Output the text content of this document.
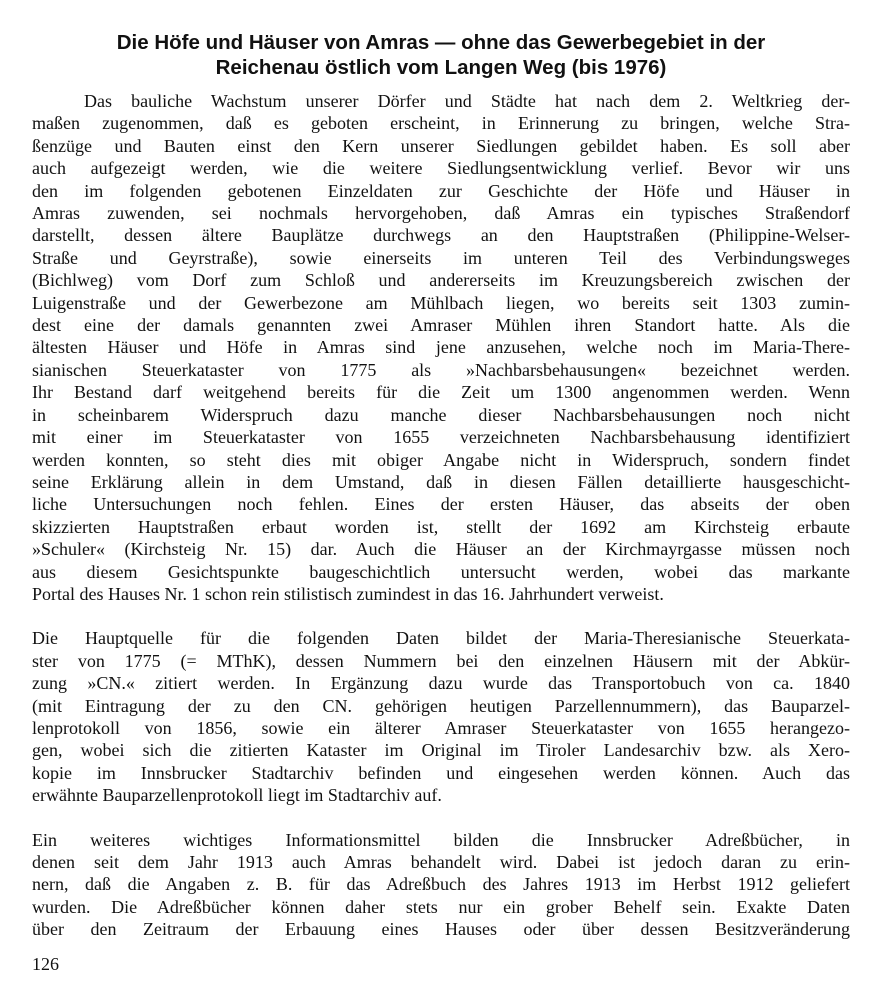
Die Höfe und Häuser von Amras — ohne das Gewerbegebiet in der
Reichenau östlich vom Langen Weg (bis 1976)
Das bauliche Wachstum unserer Dörfer und Städte hat nach dem 2. Weltkrieg der-
maßen zugenommen, daß es geboten erscheint, in Erinnerung zu bringen, welche Stra-
ßenzüge und Bauten einst den Kern unserer Siedlungen gebildet haben. Es soll aber
auch aufgezeigt werden, wie die weitere Siedlungsentwicklung verlief. Bevor wir uns
den im folgenden gebotenen Einzeldaten zur Geschichte der Höfe und Häuser in
Amras zuwenden, sei nochmals hervorgehoben, daß Amras ein typisches Straßendorf
darstellt, dessen ältere Bauplätze durchwegs an den Hauptstraßen (Philippine-Welser-
Straße und Geyrstraße), sowie einerseits im unteren Teil des Verbindungsweges
(Bichlweg) vom Dorf zum Schloß und andererseits im Kreuzungsbereich zwischen der
Luigenstraße und der Gewerbezone am Mühlbach liegen, wo bereits seit 1303 zumin-
dest eine der damals genannten zwei Amraser Mühlen ihren Standort hatte. Als die
ältesten Häuser und Höfe in Amras sind jene anzusehen, welche noch im Maria-There-
sianischen Steuerkataster von 1775 als »Nachbarsbehausungen« bezeichnet werden.
Ihr Bestand darf weitgehend bereits für die Zeit um 1300 angenommen werden. Wenn
in scheinbarem Widerspruch dazu manche dieser Nachbarsbehausungen noch nicht
mit einer im Steuerkataster von 1655 verzeichneten Nachbarsbehausung identifiziert
werden konnten, so steht dies mit obiger Angabe nicht in Widerspruch, sondern findet
seine Erklärung allein in dem Umstand, daß in diesen Fällen detaillierte hausgeschicht-
liche Untersuchungen noch fehlen. Eines der ersten Häuser, das abseits der oben
skizzierten Hauptstraßen erbaut worden ist, stellt der 1692 am Kirchsteig erbaute
»Schuler« (Kirchsteig Nr. 15) dar. Auch die Häuser an der Kirchmayrgasse müssen noch
aus diesem Gesichtspunkte baugeschichtlich untersucht werden, wobei das markante
Portal des Hauses Nr. 1 schon rein stilistisch zumindest in das 16. Jahrhundert verweist.
Die Hauptquelle für die folgenden Daten bildet der Maria-Theresianische Steuerkata-
ster von 1775 (= MThK), dessen Nummern bei den einzelnen Häusern mit der Abkür-
zung »CN.« zitiert werden. In Ergänzung dazu wurde das Transportobuch von ca. 1840
(mit Eintragung der zu den CN. gehörigen heutigen Parzellennummern), das Bauparzel-
lenprotokoll von 1856, sowie ein älterer Amraser Steuerkataster von 1655 herangezo-
gen, wobei sich die zitierten Kataster im Original im Tiroler Landesarchiv bzw. als Xero-
kopie im Innsbrucker Stadtarchiv befinden und eingesehen werden können. Auch das
erwähnte Bauparzellenprotokoll liegt im Stadtarchiv auf.
Ein weiteres wichtiges Informationsmittel bilden die Innsbrucker Adreßbücher, in
denen seit dem Jahr 1913 auch Amras behandelt wird. Dabei ist jedoch daran zu erin-
nern, daß die Angaben z. B. für das Adreßbuch des Jahres 1913 im Herbst 1912 geliefert
wurden. Die Adreßbücher können daher stets nur ein grober Behelf sein. Exakte Daten
über den Zeitraum der Erbauung eines Hauses oder über dessen Besitzveränderung
126
